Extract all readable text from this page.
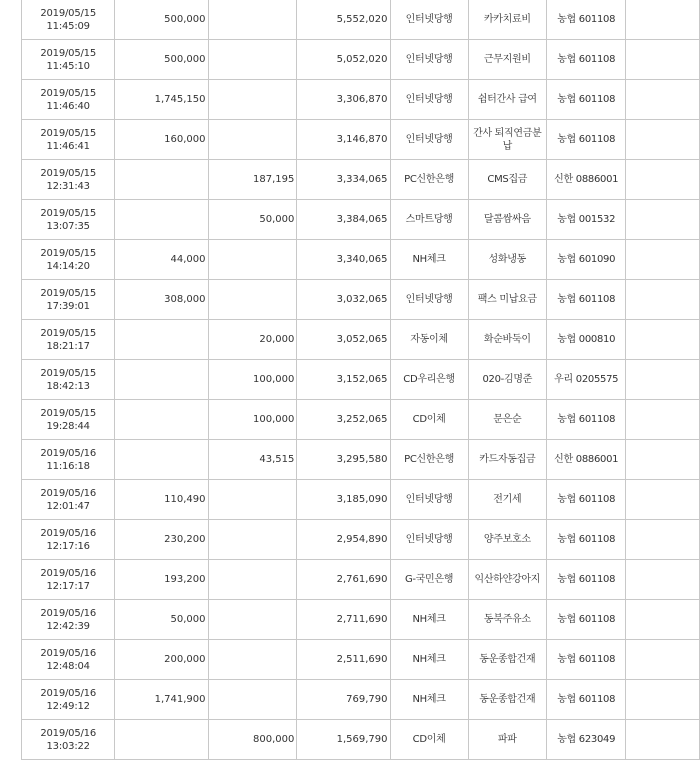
2019/05/15
11:45:09	500,000		5,552,020	인터넷당행	카카치료비	농협 601108	

2019/05/15
11:45:10	500,000		5,052,020	인터넷당행	근무지원비	농협 601108	

2019/05/15
11:46:40	1,745,150		3,306,870	인터넷당행	쉼터간사 급여	농협 601108	

2019/05/15
11:46:41	160,000		3,146,870	인터넷당행	간사 퇴직연금분납	농협 601108	

2019/05/15
12:31:43		187,195	3,334,065	PC신한은행	CMS집금	신한 0886001	

2019/05/15
13:07:35		50,000	3,384,065	스마트당행	달콤쌈싸음	농협 001532	

2019/05/15
14:14:20	44,000		3,340,065	NH체크	성화냉동	농협 601090	

2019/05/15
17:39:01	308,000		3,032,065	인터넷당행	팩스 미납요금	농협 601108	

2019/05/15
18:21:17		20,000	3,052,065	자동이체	화순바둑이	농협 000810	

2019/05/15
18:42:13		100,000	3,152,065	CD우리은행	020-김명준	우리 0205575	

2019/05/15
19:28:44		100,000	3,252,065	CD이체	문은순	농협 601108	

2019/05/16
11:16:18		43,515	3,295,580	PC신한은행	카드자동집금	신한 0886001	

2019/05/16
12:01:47	110,490		3,185,090	인터넷당행	전기세	농협 601108	

2019/05/16
12:17:16	230,200		2,954,890	인터넷당행	양주보호소	농협 601108	

2019/05/16
12:17:17	193,200		2,761,690	G-국민은행	익산하얀강아지	농협 601108	

2019/05/16
12:42:39	50,000		2,711,690	NH체크	동북주유소	농협 601108	

2019/05/16
12:48:04	200,000		2,511,690	NH체크	동운종합건재	농협 601108	

2019/05/16
12:49:12	1,741,900		769,790	NH체크	동운종합건재	농협 601108	

2019/05/16
13:03:22		800,000	1,569,790	CD이체	파파	농협 623049	
